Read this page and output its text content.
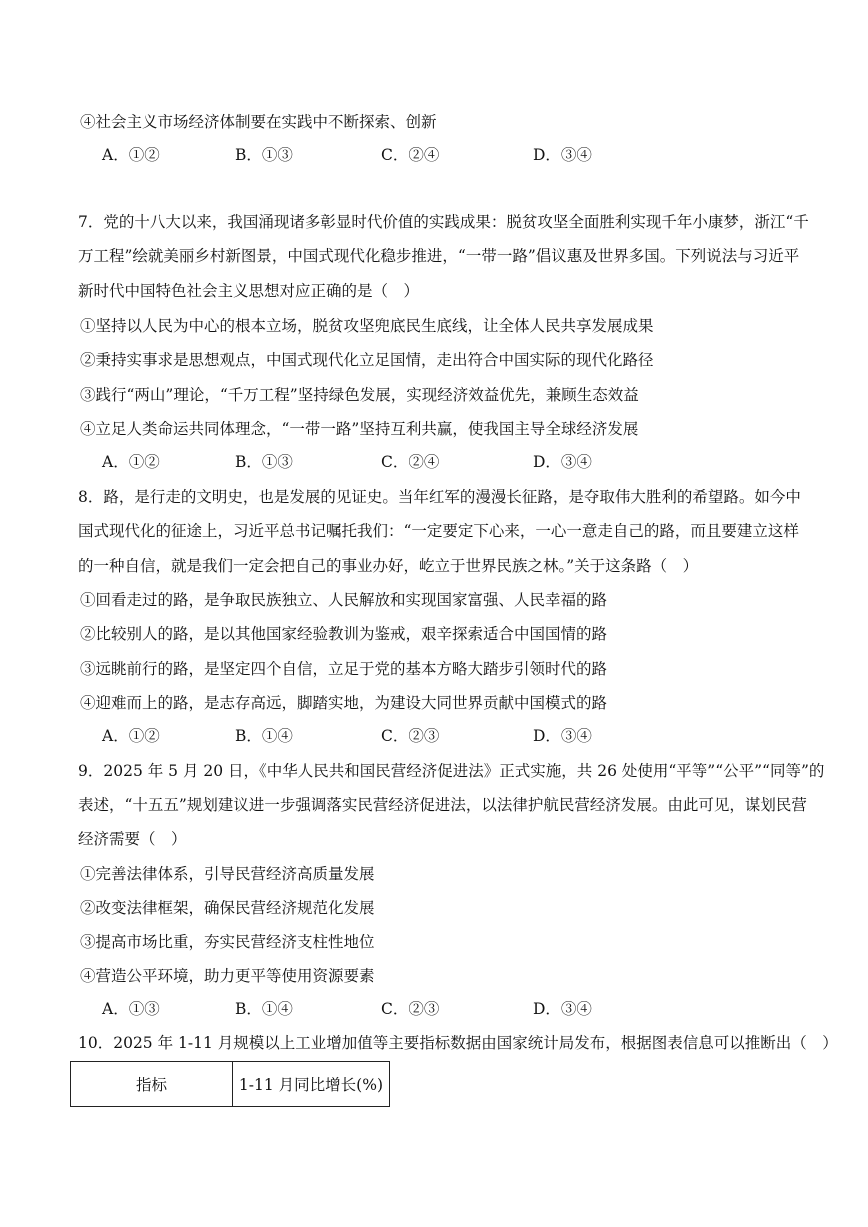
④社会主义市场经济体制要在实践中不断探索、创新
A．①②	B．①③	C．②④	D．③④
7．党的十八大以来，我国涌现诸多彰显时代价值的实践成果：脱贫攻坚全面胜利实现千年小康梦，浙江“千
万工程”绘就美丽乡村新图景，中国式现代化稳步推进，“一带一路”倡议惠及世界多国。下列说法与习近平
新时代中国特色社会主义思想对应正确的是（　）
①坚持以人民为中心的根本立场，脱贫攻坚兜底民生底线，让全体人民共享发展成果
②秉持实事求是思想观点，中国式现代化立足国情，走出符合中国实际的现代化路径
③践行“两山”理论，“千万工程”坚持绿色发展，实现经济效益优先，兼顾生态效益
④立足人类命运共同体理念，“一带一路”坚持互利共赢，使我国主导全球经济发展
A．①②	B．①③	C．②④	D．③④
8．路，是行走的文明史，也是发展的见证史。当年红军的漫漫长征路，是夺取伟大胜利的希望路。如今中
国式现代化的征途上，习近平总书记嘱托我们：“一定要定下心来，一心一意走自己的路，而且要建立这样
的一种自信，就是我们一定会把自己的事业办好，屹立于世界民族之林。”关于这条路（　）
①回看走过的路，是争取民族独立、人民解放和实现国家富强、人民幸福的路
②比较别人的路，是以其他国家经验教训为鉴戒，艰辛探索适合中国国情的路
③远眺前行的路，是坚定四个自信，立足于党的基本方略大踏步引领时代的路
④迎难而上的路，是志存高远，脚踏实地，为建设大同世界贡献中国模式的路
A．①②	B．①④	C．②③	D．③④
9．2025 年 5 月 20 日，《中华人民共和国民营经济促进法》正式实施，共 26 处使用“平等”“公平”“同等”的
表述，“十五五”规划建议进一步强调落实民营经济促进法，以法律护航民营经济发展。由此可见，谋划民营
经济需要（　）
①完善法律体系，引导民营经济高质量发展
②改变法律框架，确保民营经济规范化发展
③提高市场比重，夯实民营经济支柱性地位
④营造公平环境，助力更平等使用资源要素
A．①③	B．①④	C．②③	D．③④
10．2025 年 1-11 月规模以上工业增加值等主要指标数据由国家统计局发布，根据图表信息可以推断出（　）
指标	1-11 月同比增长(%)
